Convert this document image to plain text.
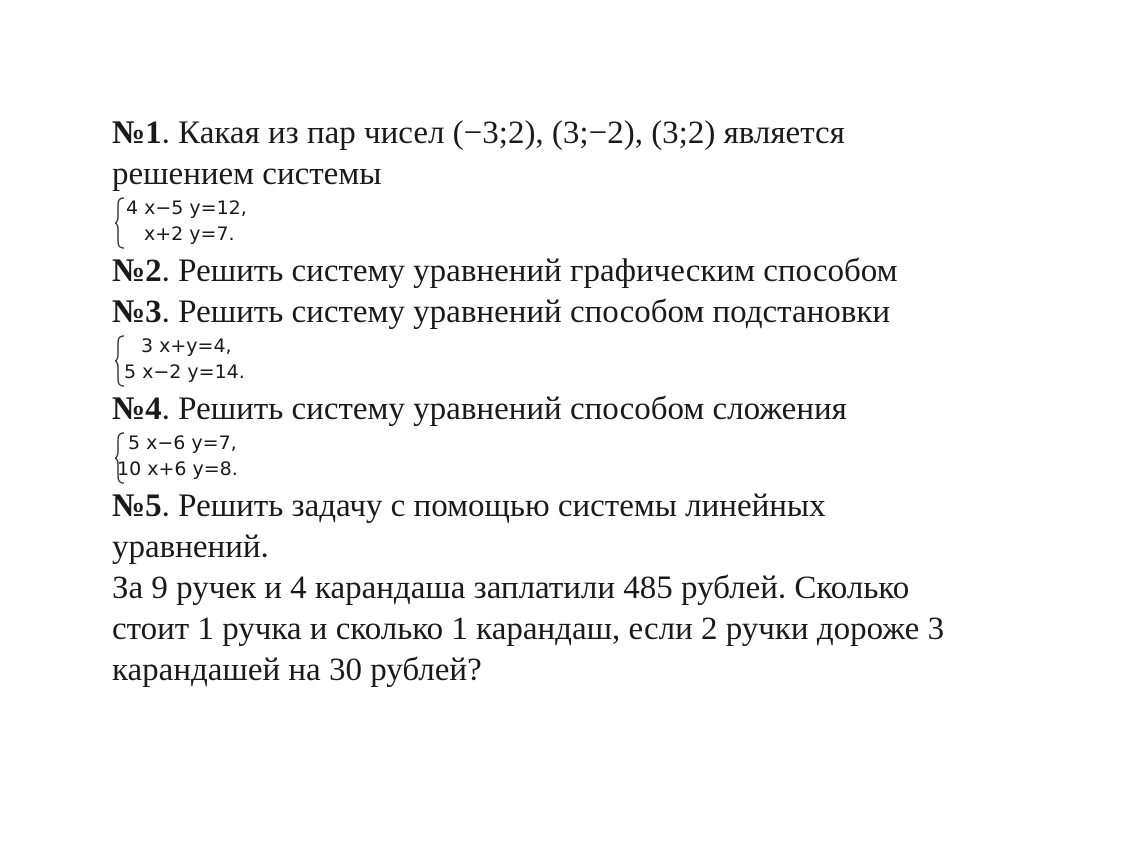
№1. Какая из пар чисел (−3;2), (3;−2), (3;2) является

решением системы

4 x−5 y=12,
x+2 y=7.

№2. Решить систему уравнений графическим способом

№3. Решить систему уравнений способом подстановки

3 x+y=4,
5 x−2 y=14.

№4. Решить систему уравнений способом сложения

5 x−6 y=7,
10 x+6 y=8.

№5. Решить задачу с помощью системы линейных

уравнений.

За 9 ручек и 4 карандаша заплатили 485 рублей. Сколько

стоит 1 ручка и сколько 1 карандаш, если 2 ручки дороже 3

карандашей на 30 рублей?
